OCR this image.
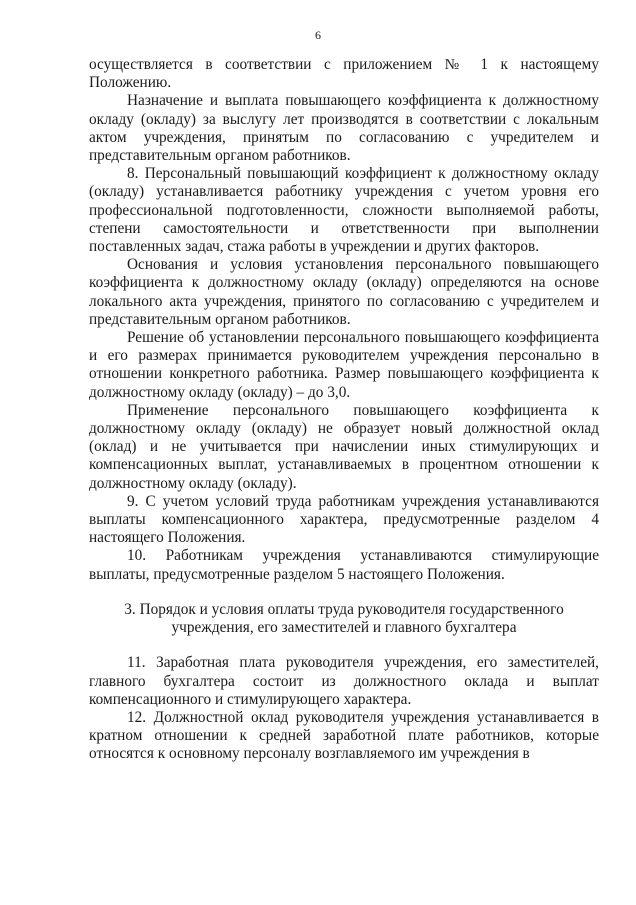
6

осуществляется в соответствии с приложением № 1 к настоящему Положению.

Назначение и выплата повышающего коэффициента к должностному окладу (окладу) за выслугу лет производятся в соответствии с локальным актом учреждения, принятым по согласованию с учредителем и представительным органом работников.

8. Персональный повышающий коэффициент к должностному окладу (окладу) устанавливается работнику учреждения с учетом уровня его профессиональной подготовленности, сложности выполняемой работы, степени самостоятельности и ответственности при выполнении поставленных задач, стажа работы в учреждении и других факторов.

Основания и условия установления персонального повышающего коэффициента к должностному окладу (окладу) определяются на основе локального акта учреждения, принятого по согласованию с учредителем и представительным органом работников.

Решение об установлении персонального повышающего коэффициента и его размерах принимается руководителем учреждения персонально в отношении конкретного работника. Размер повышающего коэффициента к должностному окладу (окладу) – до 3,0.

Применение персонального повышающего коэффициента к должностному окладу (окладу) не образует новый должностной оклад (оклад) и не учитывается при начислении иных стимулирующих и компенсационных выплат, устанавливаемых в процентном отношении к должностному окладу (окладу).

9. С учетом условий труда работникам учреждения устанавливаются выплаты компенсационного характера, предусмотренные разделом 4 настоящего Положения.

10. Работникам учреждения устанавливаются стимулирующие выплаты, предусмотренные разделом 5 настоящего Положения.

3. Порядок и условия оплаты труда руководителя государственного учреждения, его заместителей и главного бухгалтера

11. Заработная плата руководителя учреждения, его заместителей, главного бухгалтера состоит из должностного оклада и выплат компенсационного и стимулирующего характера.

12. Должностной оклад руководителя учреждения устанавливается в кратном отношении к средней заработной плате работников, которые относятся к основному персоналу возглавляемого им учреждения в
